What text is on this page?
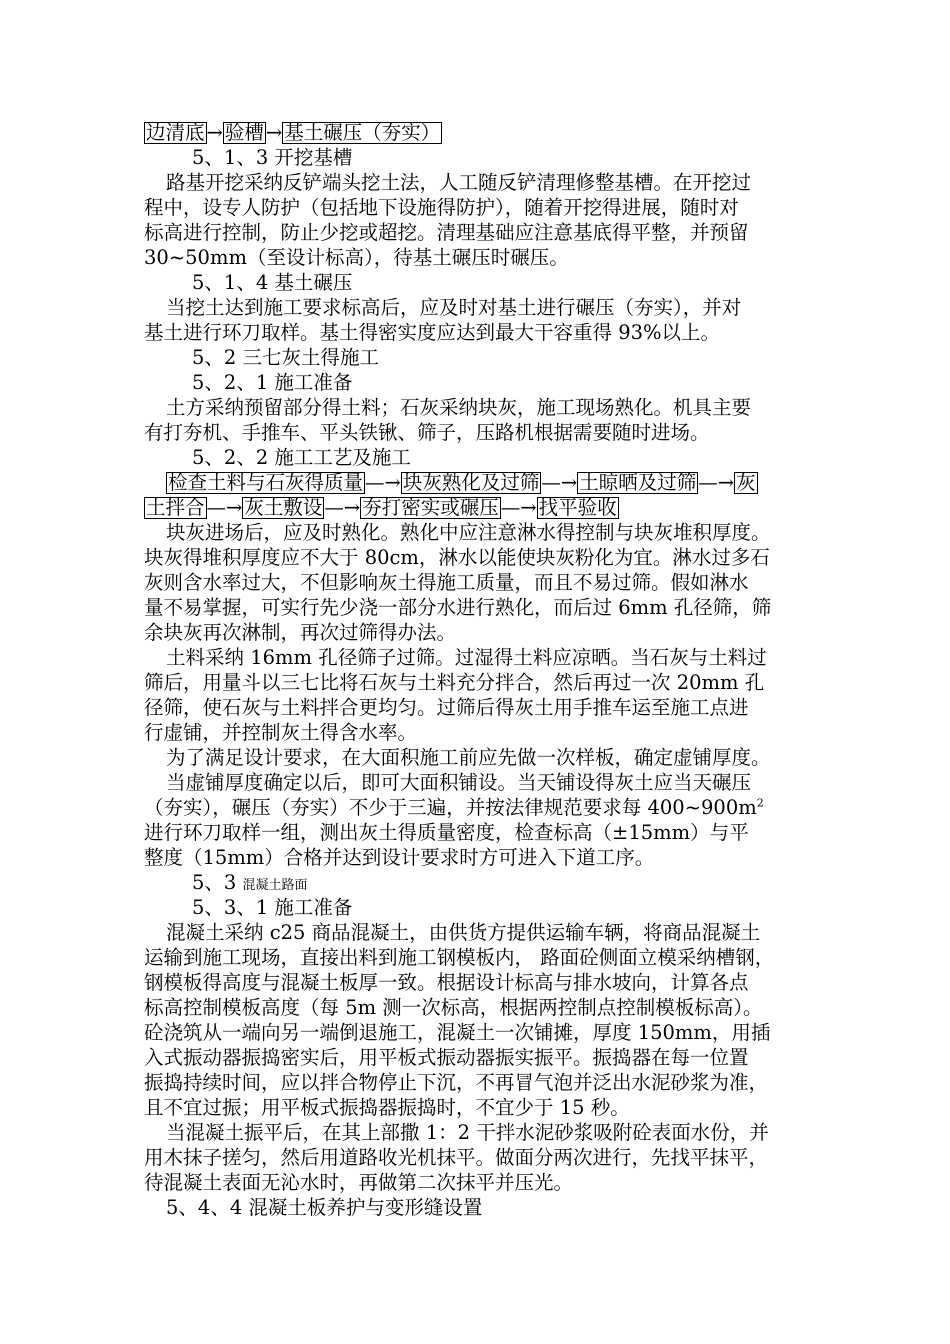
边清底 → 验槽 → 基土碾压（夯实）
5、1、3 开挖基槽
路基开挖采纳反铲端头挖土法，人工随反铲清理修整基槽。在开挖过
程中，设专人防护（包括地下设施得防护），随着开挖得进展，随时对
标高进行控制，防止少挖或超挖。清理基础应注意基底得平整，并预留
30~50mm（至设计标高），待基土碾压时碾压。
5、1、4 基土碾压
当挖土达到施工要求标高后，应及时对基土进行碾压（夯实），并对
基土进行环刀取样。基土得密实度应达到最大干容重得 93%以上。
5、2 三七灰土得施工
5、2、1 施工准备
土方采纳预留部分得土料；石灰采纳块灰，施工现场熟化。机具主要
有打夯机、手推车、平头铁锹、筛子，压路机根据需要随时进场。
5、2、2 施工工艺及施工
检查土料与石灰得质量 —→ 块灰熟化及过筛 —→ 土晾晒及过筛 —→ 灰
土拌合 —→ 灰土敷设 —→ 夯打密实或碾压 —→ 找平验收
块灰进场后，应及时熟化。熟化中应注意淋水得控制与块灰堆积厚度。
块灰得堆积厚度应不大于 80cm，淋水以能使块灰粉化为宜。淋水过多石
灰则含水率过大，不但影响灰土得施工质量，而且不易过筛。假如淋水
量不易掌握，可实行先少浇一部分水进行熟化，而后过 6mm 孔径筛，筛
余块灰再次淋制，再次过筛得办法。
土料采纳 16mm 孔径筛子过筛。过湿得土料应凉晒。当石灰与土料过
筛后，用量斗以三七比将石灰与土料充分拌合，然后再过一次 20mm 孔
径筛，使石灰与土料拌合更均匀。过筛后得灰土用手推车运至施工点进
行虚铺，并控制灰土得含水率。
为了满足设计要求，在大面积施工前应先做一次样板，确定虚铺厚度。
当虚铺厚度确定以后，即可大面积铺设。当天铺设得灰土应当天碾压
（夯实），碾压（夯实）不少于三遍，并按法律规范要求每 $400\sim 900m^2$
进行环刀取样一组，测出灰土得质量密度，检查标高（±15mm）与平
整度（15mm）合格并达到设计要求时方可进入下道工序。
5、3 混凝土路面
5、3、1 施工准备
混凝土采纳 c25 商品混凝土，由供货方提供运输车辆，将商品混凝土
运输到施工现场，直接出料到施工钢模板内， 路面砼侧面立模采纳槽钢，
钢模板得高度与混凝土板厚一致。根据设计标高与排水坡向，计算各点
标高控制模板高度（每 5m 测一次标高，根据两控制点控制模板标高）。
砼浇筑从一端向另一端倒退施工，混凝土一次铺摊，厚度 150mm，用插
入式振动器振捣密实后，用平板式振动器振实振平。振捣器在每一位置
振捣持续时间，应以拌合物停止下沉，不再冒气泡并泛出水泥砂浆为准，
且不宜过振；用平板式振捣器振捣时，不宜少于 15 秒。
当混凝土振平后，在其上部撒 1：2 干拌水泥砂浆吸附砼表面水份，并
用木抹子搓匀，然后用道路收光机抹平。做面分两次进行，先找平抹平，
待混凝土表面无沁水时，再做第二次抹平并压光。
5、4、4 混凝土板养护与变形缝设置
